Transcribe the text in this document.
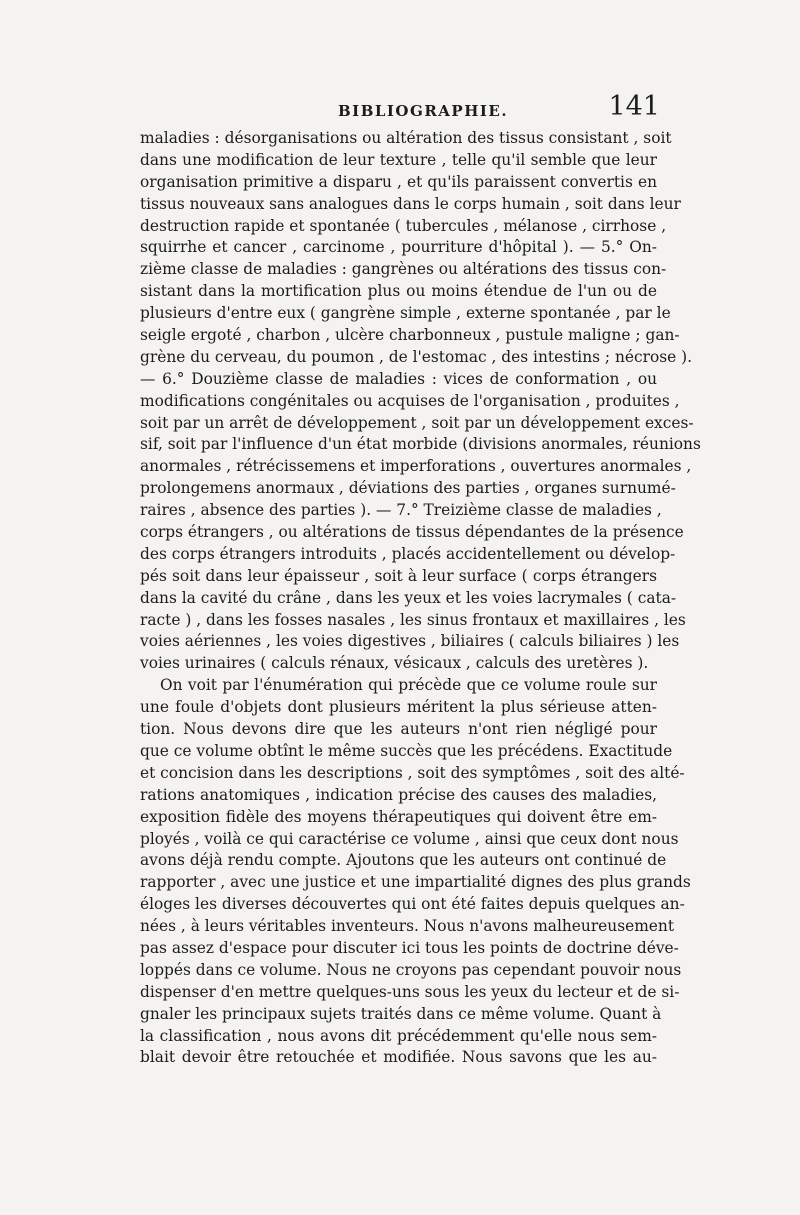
BIBLIOGRAPHIE.	141
maladies : désorganisations ou altération des tissus consistant , soit
dans une modification de leur texture , telle qu'il semble que leur
organisation primitive a disparu , et qu'ils paraissent convertis en
tissus nouveaux sans analogues dans le corps humain , soit dans leur
destruction rapide et spontanée ( tubercules , mélanose , cirrhose ,
squirrhe et cancer , carcinome , pourriture d'hôpital ). — 5.° On-
zième classe de maladies : gangrènes ou altérations des tissus con-
sistant dans la mortification plus ou moins étendue de l'un ou de
plusieurs d'entre eux ( gangrène simple , externe spontanée , par le
seigle ergoté , charbon , ulcère charbonneux , pustule maligne ; gan-
grène du cerveau, du poumon , de l'estomac , des intestins ; nécrose ).
— 6.° Douzième classe de maladies : vices de conformation , ou
modifications congénitales ou acquises de l'organisation , produites ,
soit par un arrêt de développement , soit par un développement exces-
sif, soit par l'influence d'un état morbide (divisions anormales, réunions
anormales , rétrécissemens et imperforations , ouvertures anormales ,
prolongemens anormaux , déviations des parties , organes surnumé-
raires , absence des parties ). — 7.° Treizième classe de maladies ,
corps étrangers , ou altérations de tissus dépendantes de la présence
des corps étrangers introduits , placés accidentellement ou dévelop-
pés soit dans leur épaisseur , soit à leur surface ( corps étrangers
dans la cavité du crâne , dans les yeux et les voies lacrymales ( cata-
racte ) , dans les fosses nasales , les sinus frontaux et maxillaires , les
voies aériennes , les voies digestives , biliaires ( calculs biliaires ) les
voies urinaires ( calculs rénaux, vésicaux , calculs des uretères ).
On voit par l'énumération qui précède que ce volume roule sur
une foule d'objets dont plusieurs méritent la plus sérieuse atten-
tion. Nous devons dire que les auteurs n'ont rien négligé pour
que ce volume obtînt le même succès que les précédens. Exactitude
et concision dans les descriptions , soit des symptômes , soit des alté-
rations anatomiques , indication précise des causes des maladies,
exposition fidèle des moyens thérapeutiques qui doivent être em-
ployés , voilà ce qui caractérise ce volume , ainsi que ceux dont nous
avons déjà rendu compte. Ajoutons que les auteurs ont continué de
rapporter , avec une justice et une impartialité dignes des plus grands
éloges les diverses découvertes qui ont été faites depuis quelques an-
nées , à leurs véritables inventeurs. Nous n'avons malheureusement
pas assez d'espace pour discuter ici tous les points de doctrine déve-
loppés dans ce volume. Nous ne croyons pas cependant pouvoir nous
dispenser d'en mettre quelques-uns sous les yeux du lecteur et de si-
gnaler les principaux sujets traités dans ce même volume. Quant à
la classification , nous avons dit précédemment qu'elle nous sem-
blait devoir être retouchée et modifiée. Nous savons que les au-
